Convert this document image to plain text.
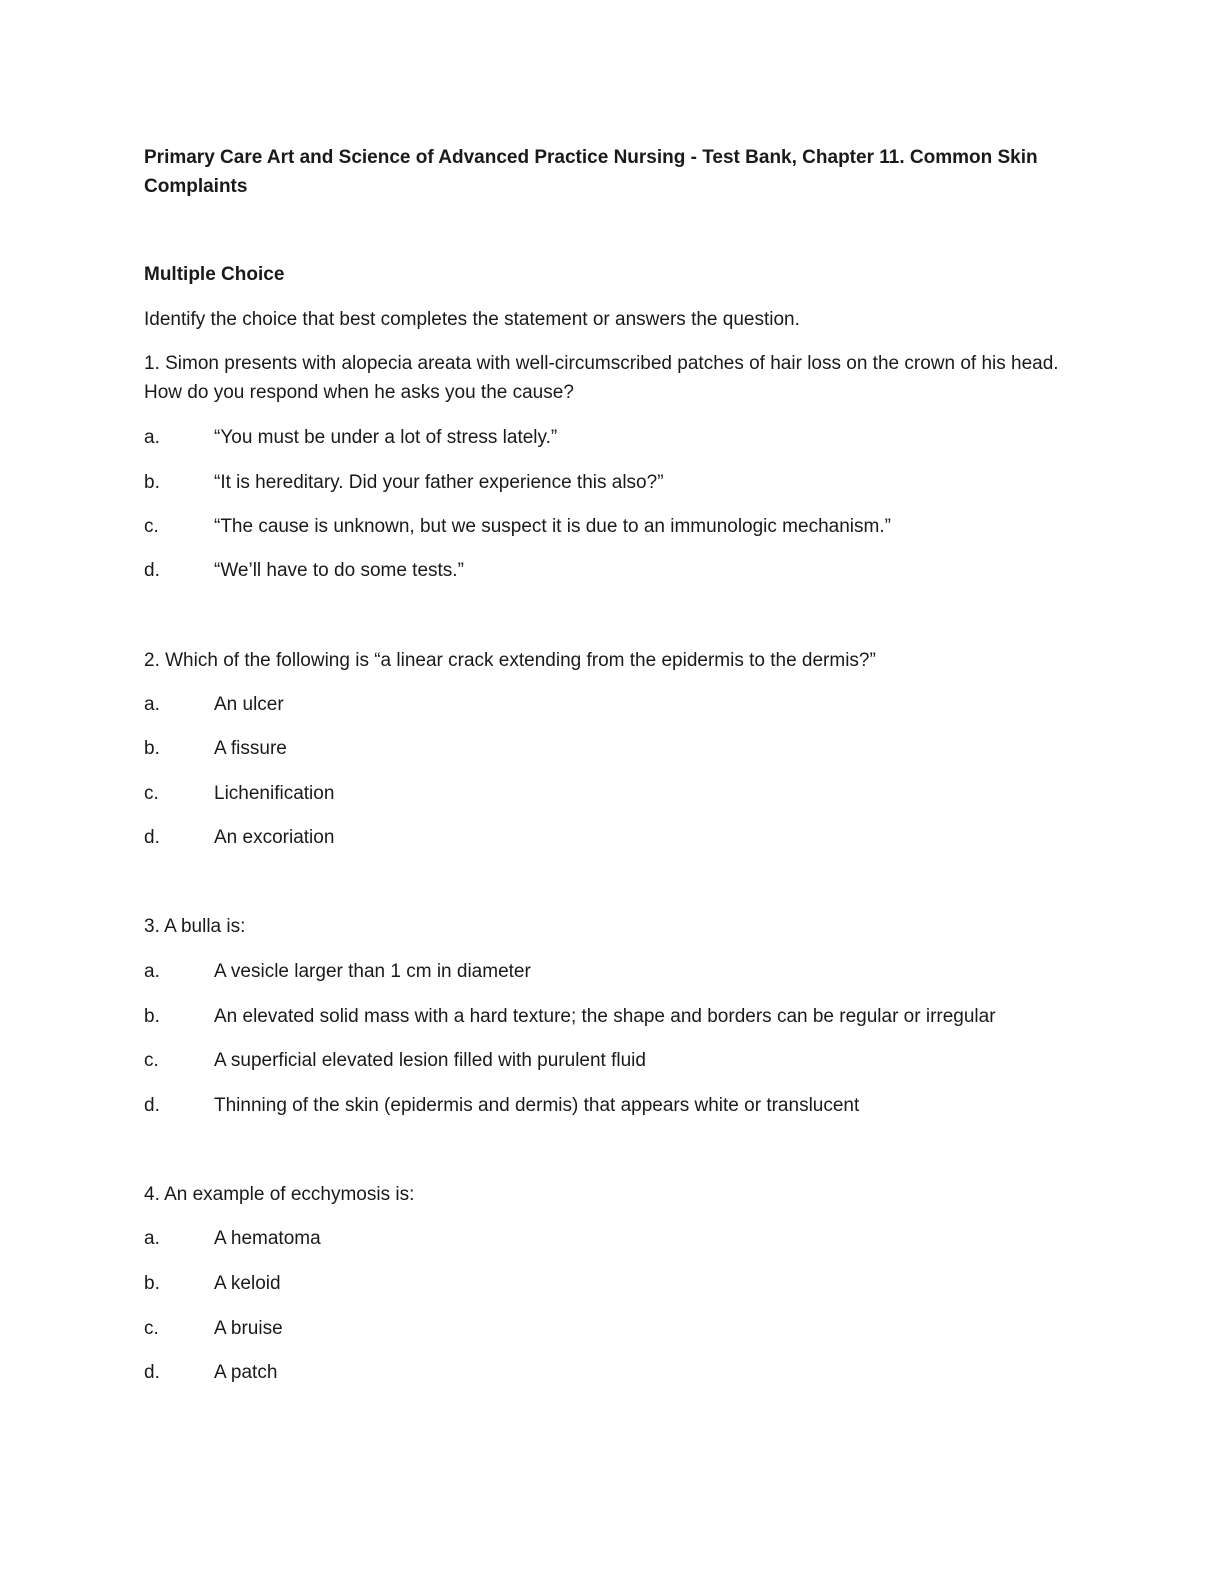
Primary Care Art and Science of Advanced Practice Nursing - Test Bank, Chapter 11. Common Skin Complaints
Multiple Choice
Identify the choice that best completes the statement or answers the question.
1. Simon presents with alopecia areata with well-circumscribed patches of hair loss on the crown of his head. How do you respond when he asks you the cause?
a.	“You must be under a lot of stress lately.”
b.	“It is hereditary. Did your father experience this also?”
c.	“The cause is unknown, but we suspect it is due to an immunologic mechanism.”
d.	“We’ll have to do some tests.”
2. Which of the following is “a linear crack extending from the epidermis to the dermis?”
a.	An ulcer
b.	A fissure
c.	Lichenification
d.	An excoriation
3. A bulla is:
a.	A vesicle larger than 1 cm in diameter
b.	An elevated solid mass with a hard texture; the shape and borders can be regular or irregular
c.	A superficial elevated lesion filled with purulent fluid
d.	Thinning of the skin (epidermis and dermis) that appears white or translucent
4. An example of ecchymosis is:
a.	A hematoma
b.	A keloid
c.	A bruise
d.	A patch
